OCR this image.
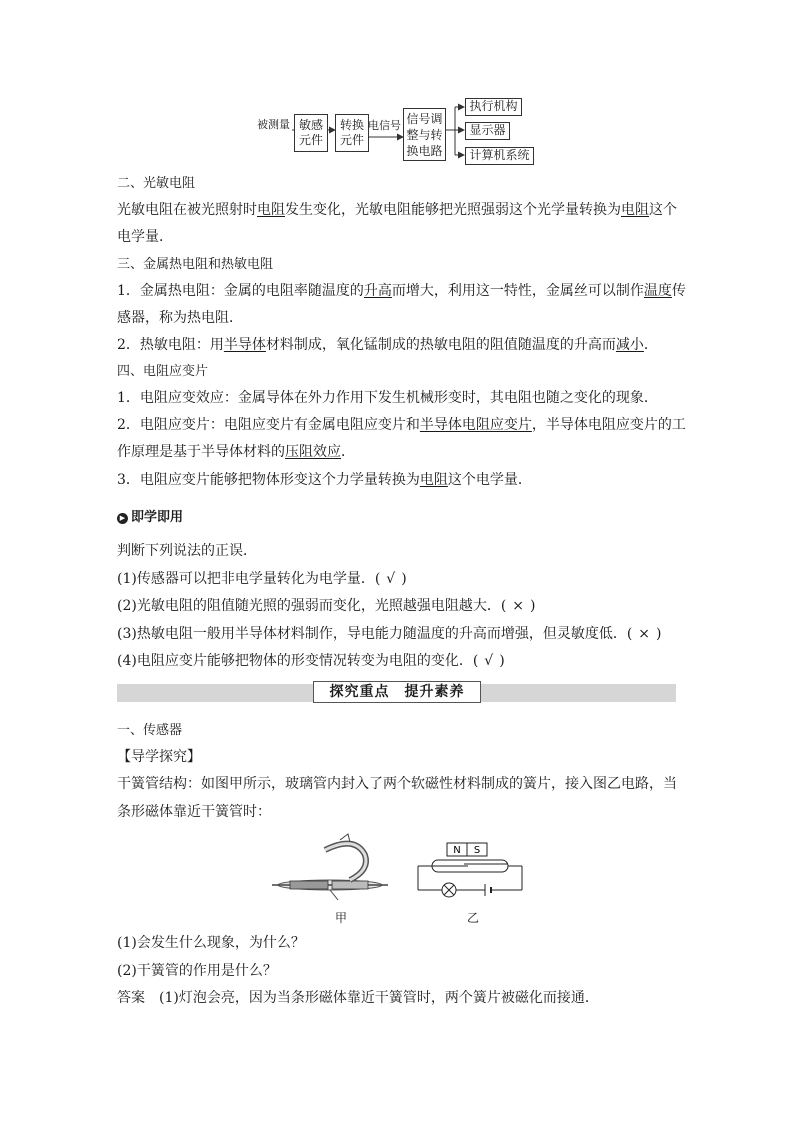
被测量 敏感
元件
转换
元件
电信号 信号调
整与转
换电路
执行机构
显示器
计算机系统
二、光敏电阻
光敏电阻在被光照射时电阻发生变化，光敏电阻能够把光照强弱这个光学量转换为电阻这个
电学量．
三、金属热电阻和热敏电阻
1．金属热电阻：金属的电阻率随温度的升高而增大，利用这一特性，金属丝可以制作温度传
感器，称为热电阻．
2．热敏电阻：用半导体材料制成，氧化锰制成的热敏电阻的阻值随温度的升高而减小．
四、电阻应变片
1．电阻应变效应：金属导体在外力作用下发生机械形变时，其电阻也随之变化的现象．
2．电阻应变片：电阻应变片有金属电阻应变片和半导体电阻应变片，半导体电阻应变片的工
作原理是基于半导体材料的压阻效应．
3．电阻应变片能够把物体形变这个力学量转换为电阻这个电学量．
▶ 即学即用
判断下列说法的正误．
(1)传感器可以把非电学量转化为电学量．( √ )
(2)光敏电阻的阻值随光照的强弱而变化，光照越强电阻越大．( × )
(3)热敏电阻一般用半导体材料制作，导电能力随温度的升高而增强，但灵敏度低．( × )
(4)电阻应变片能够把物体的形变情况转变为电阻的变化．( √ )
探究重点　提升素养
一、传感器
【导学探究】
干簧管结构：如图甲所示，玻璃管内封入了两个软磁性材料制成的簧片，接入图乙电路，当
条形磁体靠近干簧管时：
甲
N S
乙
(1)会发生什么现象，为什么？
(2)干簧管的作用是什么？
答案 (1)灯泡会亮，因为当条形磁体靠近干簧管时，两个簧片被磁化而接通．
